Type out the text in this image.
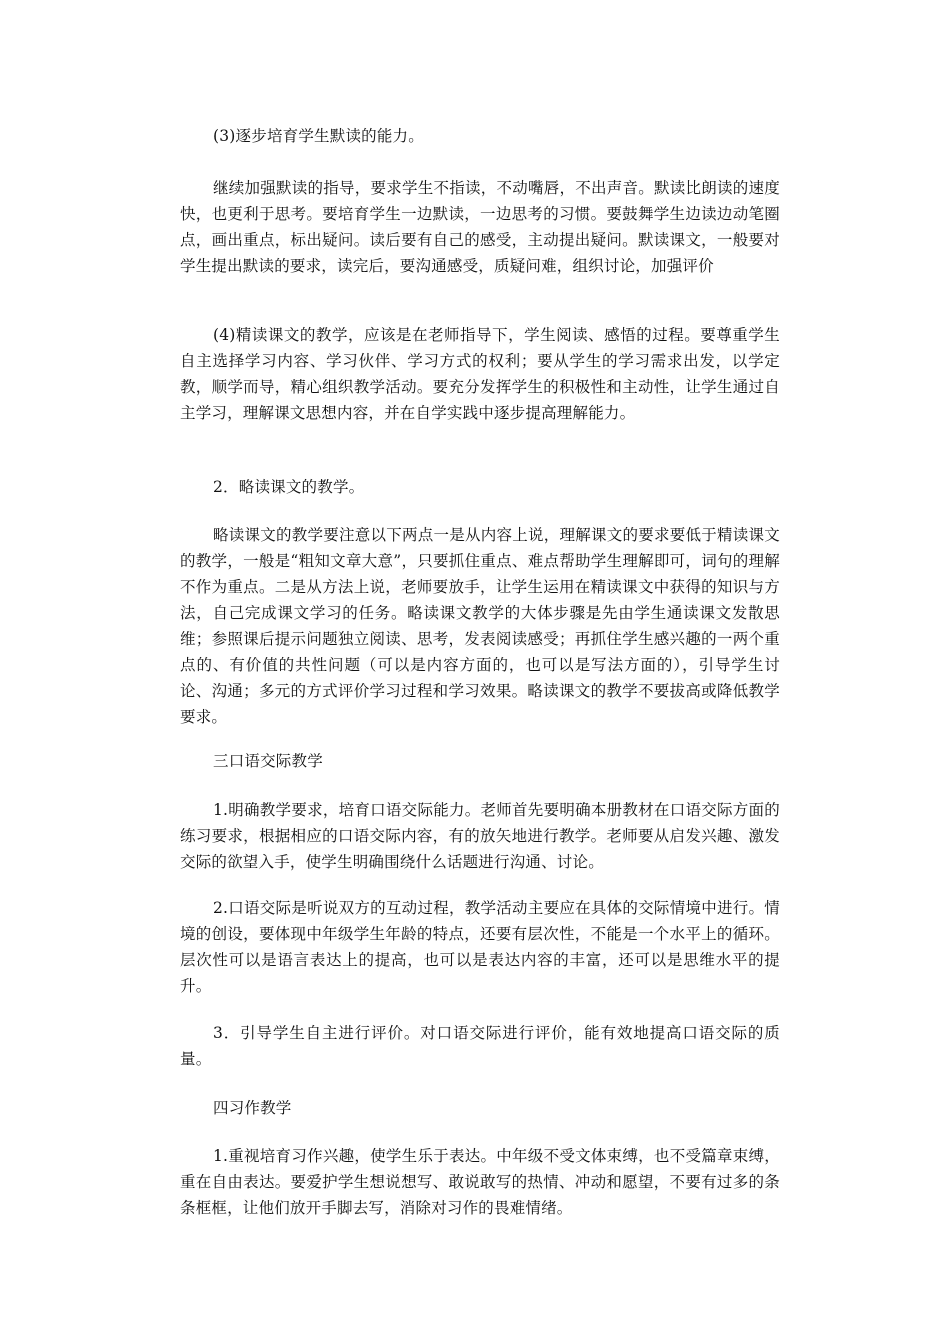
(3)逐步培育学生默读的能力。

继续加强默读的指导，要求学生不指读，不动嘴唇，不出声音。默读比朗读的速度快，也更利于思考。要培育学生一边默读，一边思考的习惯。要鼓舞学生边读边动笔圈点，画出重点，标出疑问。读后要有自己的感受，主动提出疑问。默读课文，一般要对学生提出默读的要求，读完后，要沟通感受，质疑问难，组织讨论，加强评价

(4)精读课文的教学，应该是在老师指导下，学生阅读、感悟的过程。要尊重学生自主选择学习内容、学习伙伴、学习方式的权利；要从学生的学习需求出发，以学定教，顺学而导，精心组织教学活动。要充分发挥学生的积极性和主动性，让学生通过自主学习，理解课文思想内容，并在自学实践中逐步提高理解能力。

2．略读课文的教学。

略读课文的教学要注意以下两点一是从内容上说，理解课文的要求要低于精读课文的教学，一般是“粗知文章大意”，只要抓住重点、难点帮助学生理解即可，词句的理解不作为重点。二是从方法上说，老师要放手，让学生运用在精读课文中获得的知识与方法，自己完成课文学习的任务。略读课文教学的大体步骤是先由学生通读课文发散思维；参照课后提示问题独立阅读、思考，发表阅读感受；再抓住学生感兴趣的一两个重点的、有价值的共性问题（可以是内容方面的，也可以是写法方面的），引导学生讨论、沟通；多元的方式评价学习过程和学习效果。略读课文的教学不要拔高或降低教学要求。

三口语交际教学

1.明确教学要求，培育口语交际能力。老师首先要明确本册教材在口语交际方面的练习要求，根据相应的口语交际内容，有的放矢地进行教学。老师要从启发兴趣、激发交际的欲望入手，使学生明确围绕什么话题进行沟通、讨论。

2.口语交际是听说双方的互动过程，教学活动主要应在具体的交际情境中进行。情境的创设，要体现中年级学生年龄的特点，还要有层次性，不能是一个水平上的循环。层次性可以是语言表达上的提高，也可以是表达内容的丰富，还可以是思维水平的提升。

3．引导学生自主进行评价。对口语交际进行评价，能有效地提高口语交际的质量。

四习作教学

1.重视培育习作兴趣，使学生乐于表达。中年级不受文体束缚，也不受篇章束缚，重在自由表达。要爱护学生想说想写、敢说敢写的热情、冲动和愿望，不要有过多的条条框框，让他们放开手脚去写，消除对习作的畏难情绪。
